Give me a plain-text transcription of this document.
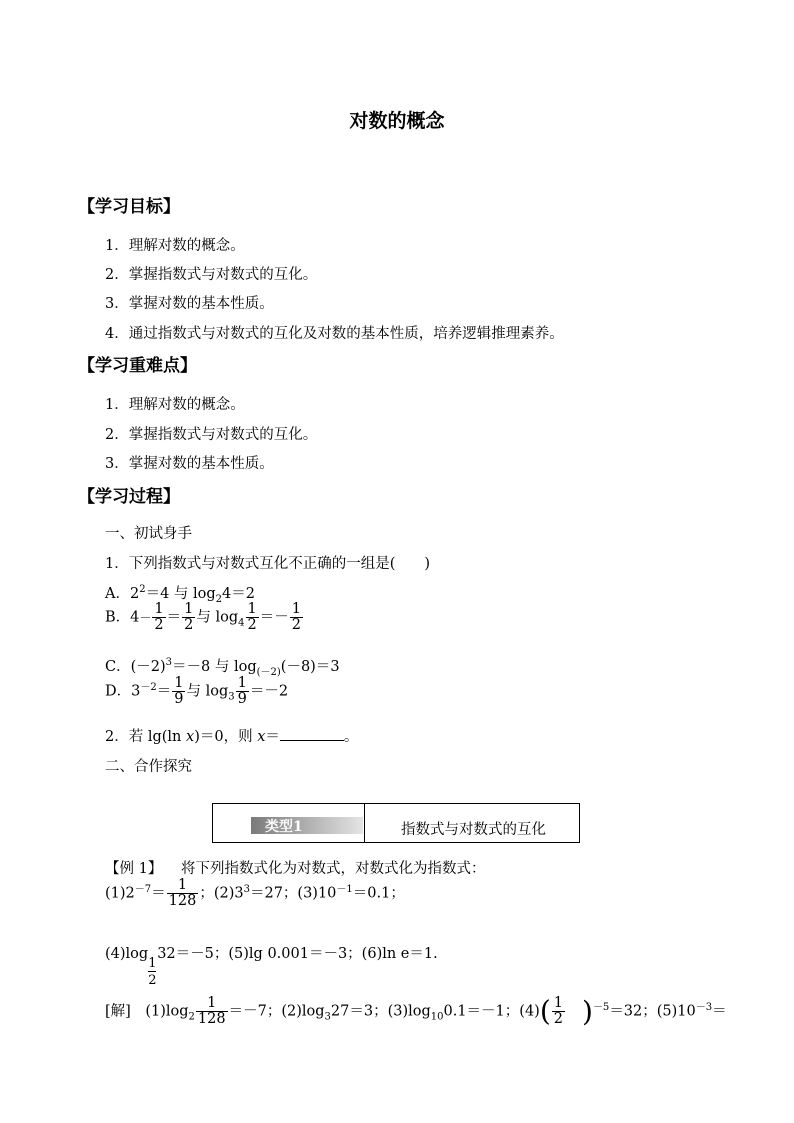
对数的概念
【学习目标】
1．理解对数的概念。
2．掌握指数式与对数式的互化。
3．掌握对数的基本性质。
4．通过指数式与对数式的互化及对数的基本性质，培养逻辑推理素养。
【学习重难点】
1．理解对数的概念。
2．掌握指数式与对数式的互化。
3．掌握对数的基本性质。
【学习过程】
一、初试身手
1．下列指数式与对数式互化不正确的一组是(　　)
A．$2^2=4$ 与 $\log_24=2$
B．$4- \frac{1}{2} = \frac{1}{2}$ 与 $\log_4 \frac{1}{2} =- \frac{1}{2}$
C．$(-2)^3=-8$ 与 $\log_{(-2)}(-8)=3$
D．$3^{-2}= \frac{1}{9}$ 与 $\log_3 \frac{1}{9} =-2$
2．若 lg(ln x)＝0，则 x＝	。
二、合作探究
类型1	指数式与对数式的互化
【例 1】 将下列指数式化为对数式，对数式化为指数式：
$(1)2^{-7}= \frac{1}{128}$ ；$(2)3^3=27$；$(3)10^{-1}=0.1$；
(4)log
$\frac{1}{2}$
32＝－5；(5)lg 0.001＝－3；(6)ln e＝1.
[解]　$(1)\log_2 \frac{1}{128} =-7$；$(2)\log_327=3$；$(3)\log_{10}0.1=-1$；$(4)( \frac{1}{2} )^{-5}=32$；$(5)10^{-3}=$
